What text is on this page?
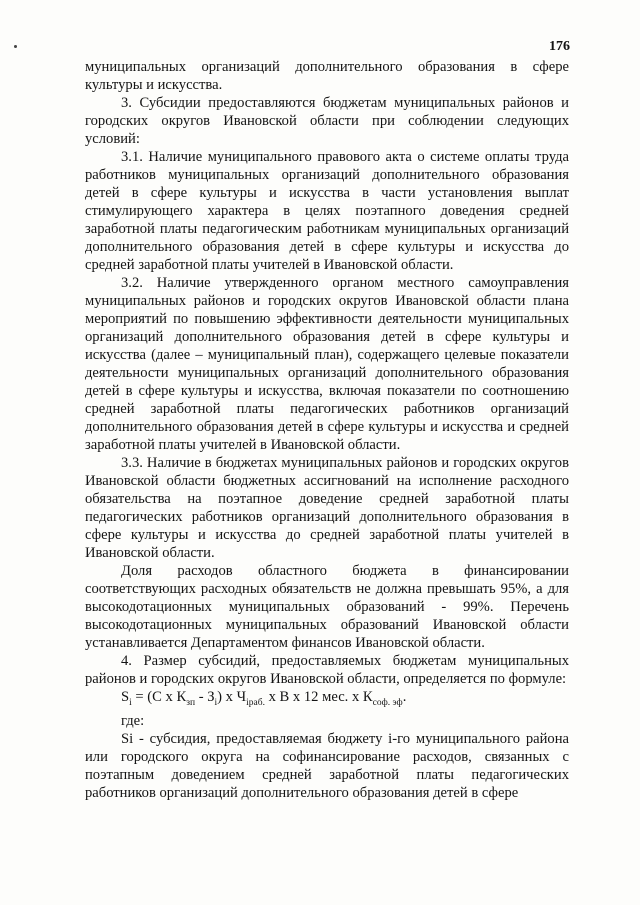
176

муниципальных организаций дополнительного образования в сфере культуры и искусства.

3. Субсидии предоставляются бюджетам муниципальных районов и городских округов Ивановской области при соблюдении следующих условий:

3.1. Наличие муниципального правового акта о системе оплаты труда работников муниципальных организаций дополнительного образования детей в сфере культуры и искусства в части установления выплат стимулирующего характера в целях поэтапного доведения средней заработной платы педагогическим работникам муниципальных организаций дополнительного образования детей в сфере культуры и искусства до средней заработной платы учителей в Ивановской области.

3.2. Наличие утвержденного органом местного самоуправления муниципальных районов и городских округов Ивановской области плана мероприятий по повышению эффективности деятельности муниципальных организаций дополнительного образования детей в сфере культуры и искусства (далее – муниципальный план), содержащего целевые показатели деятельности муниципальных организаций дополнительного образования детей в сфере культуры и искусства, включая показатели по соотношению средней заработной платы педагогических работников организаций дополнительного образования детей в сфере культуры и искусства и средней заработной платы учителей в Ивановской области.

3.3. Наличие в бюджетах муниципальных районов и городских округов Ивановской области бюджетных ассигнований на исполнение расходного обязательства на поэтапное доведение средней заработной платы педагогических работников организаций дополнительного образования в сфере культуры и искусства до средней заработной платы учителей в Ивановской области.

Доля расходов областного бюджета в финансировании соответствующих расходных обязательств не должна превышать 95%, а для высокодотационных муниципальных образований - 99%. Перечень высокодотационных муниципальных образований Ивановской области устанавливается Департаментом финансов Ивановской области.

4. Размер субсидий, предоставляемых бюджетам муниципальных районов и городских округов Ивановской области, определяется по формуле:

$S_i = (С$ х $К_{зп} - З_i$) х $Ч_{iраб.}$ х В х 12 мес. х $К_{соф. эф}$.

где:

Si - субсидия, предоставляемая бюджету i-го муниципального района или городского округа на софинансирование расходов, связанных с поэтапным доведением средней заработной платы педагогических работников организаций дополнительного образования детей в сфере
